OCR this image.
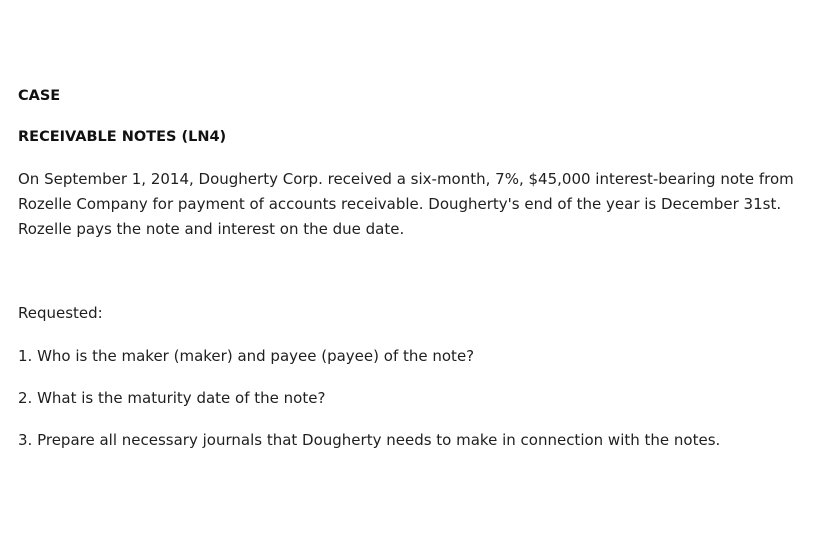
CASE

RECEIVABLE NOTES (LN4)

On September 1, 2014, Dougherty Corp. received a six-month, 7%, $45,000 interest-bearing note from Rozelle Company for payment of accounts receivable. Dougherty's end of the year is December 31st. Rozelle pays the note and interest on the due date.

Requested:

1. Who is the maker (maker) and payee (payee) of the note?

2. What is the maturity date of the note?

3. Prepare all necessary journals that Dougherty needs to make in connection with the notes.
